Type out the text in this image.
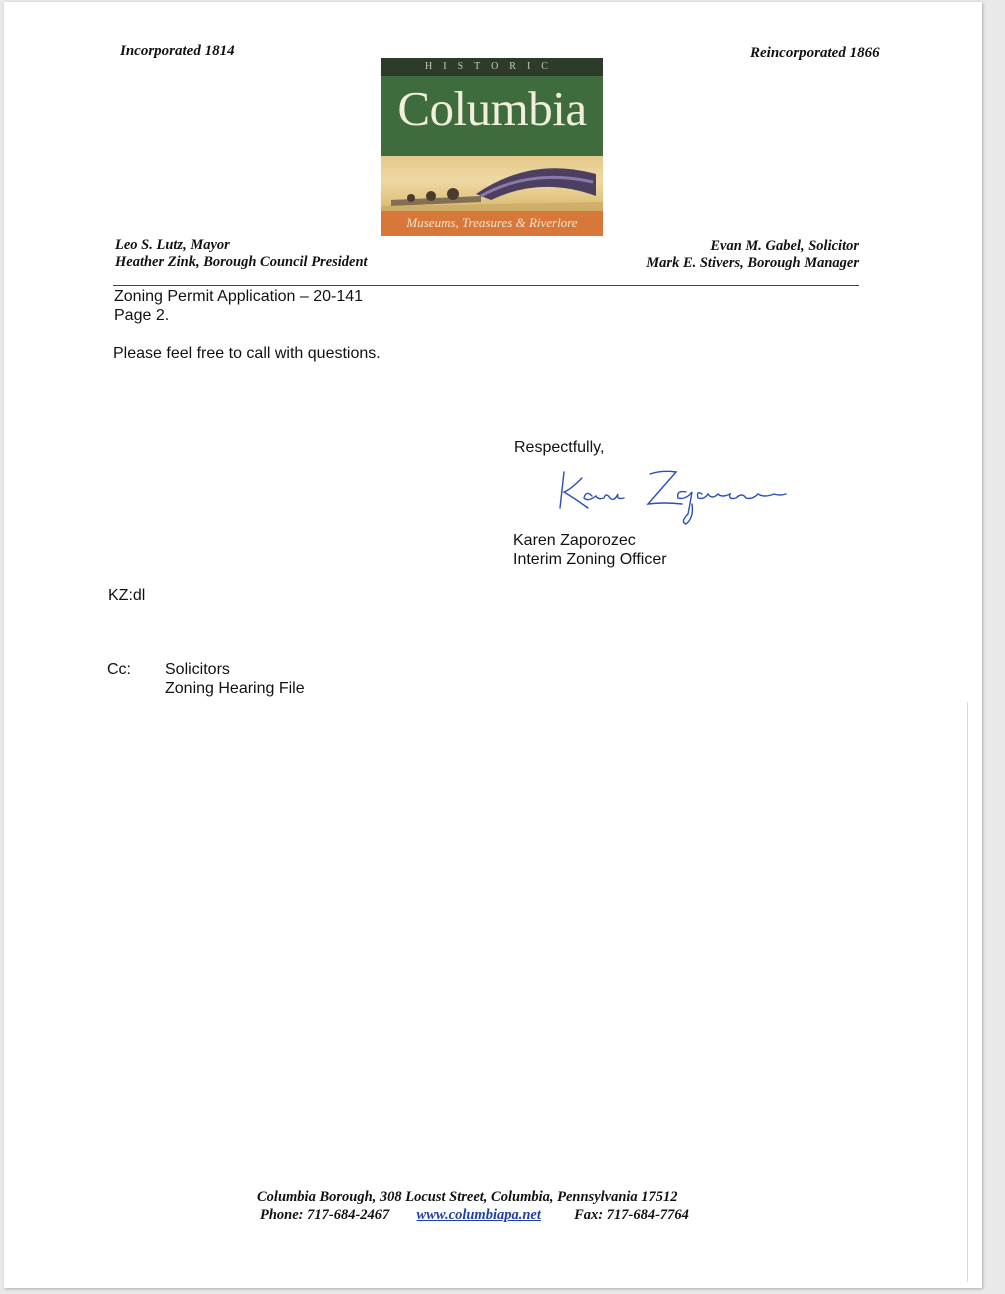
Incorporated 1814	Reincorporated 1866
HISTORIC
Columbia
Museums, Treasures & Riverlore
Leo S. Lutz, Mayor
Heather Zink, Borough Council President
Evan M. Gabel, Solicitor
Mark E. Stivers, Borough Manager
Zoning Permit Application – 20-141
Page 2.
Please feel free to call with questions.
Respectfully,
Karen Zaporozec
Interim Zoning Officer
KZ:dl
Cc: Solicitors
Zoning Hearing File
Columbia Borough, 308 Locust Street, Columbia, Pennsylvania 17512
Phone: 717-684-2467 www.columbiapa.net Fax: 717-684-7764
